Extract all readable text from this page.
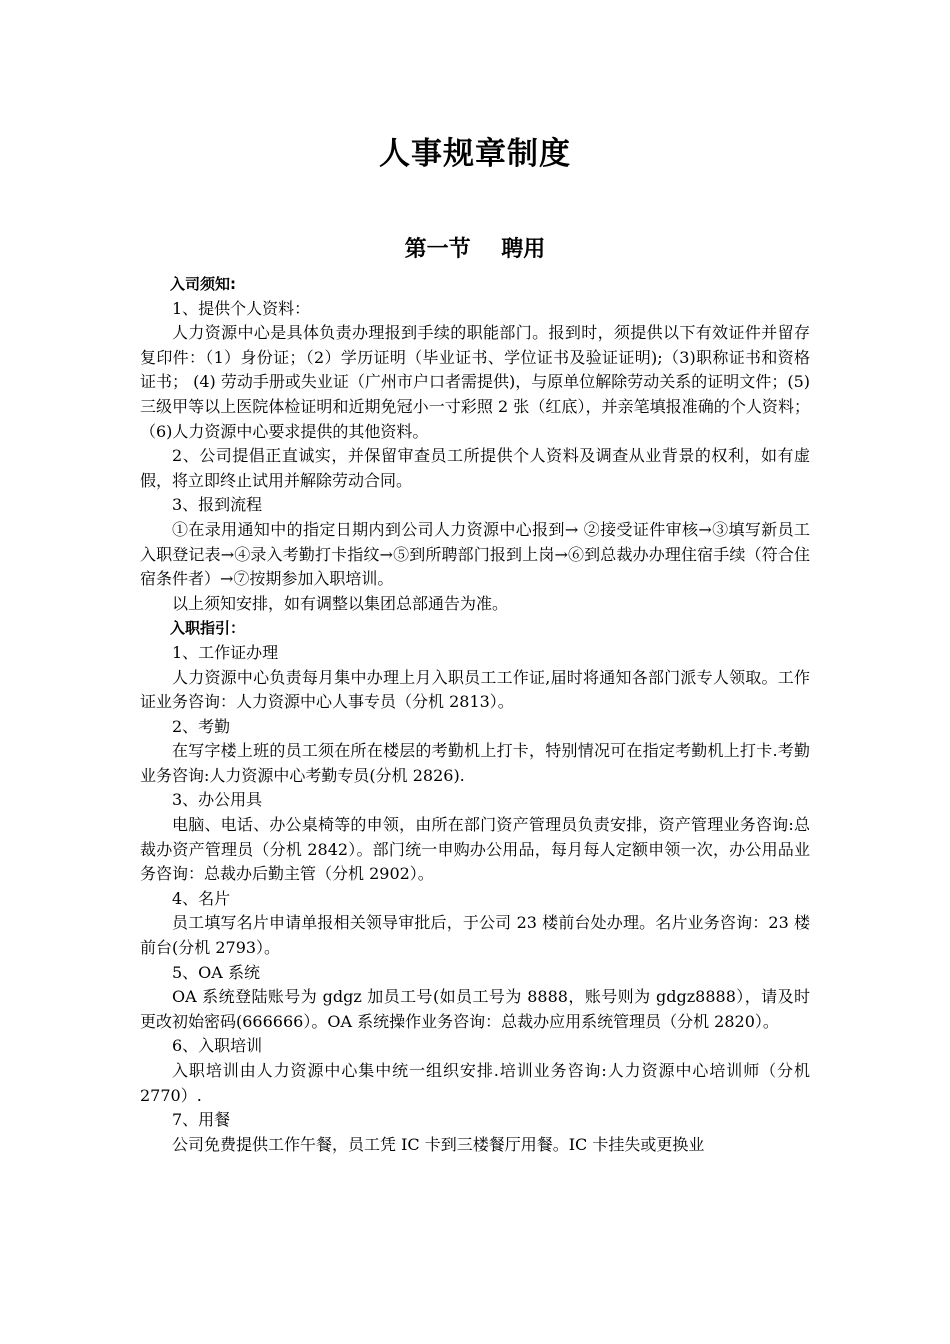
人事规章制度
第一节    聘用

入司须知:

1、提供个人资料：

人力资源中心是具体负责办理报到手续的职能部门。报到时，须提供以下有效证件并留存复印件：（1）身份证；（2）学历证明（毕业证书、学位证书及验证证明);（3)职称证书和资格证书； (4) 劳动手册或失业证（广州市户口者需提供)，与原单位解除劳动关系的证明文件；(5)三级甲等以上医院体检证明和近期免冠小一寸彩照 2 张（红底），并亲笔填报准确的个人资料；（6)人力资源中心要求提供的其他资料。

2、公司提倡正直诚实，并保留审查员工所提供个人资料及调查从业背景的权利，如有虚假，将立即终止试用并解除劳动合同。

3、报到流程

①在录用通知中的指定日期内到公司人力资源中心报到→ ②接受证件审核→③填写新员工入职登记表→④录入考勤打卡指纹→⑤到所聘部门报到上岗→⑥到总裁办办理住宿手续（符合住宿条件者）→⑦按期参加入职培训。

以上须知安排，如有调整以集团总部通告为准。

入职指引：

1、工作证办理

人力资源中心负责每月集中办理上月入职员工工作证,届时将通知各部门派专人领取。工作证业务咨询：人力资源中心人事专员（分机 2813）。

2、考勤

在写字楼上班的员工须在所在楼层的考勤机上打卡，特别情况可在指定考勤机上打卡.考勤业务咨询:人力资源中心考勤专员(分机 2826).

3、办公用具

电脑、电话、办公桌椅等的申领，由所在部门资产管理员负责安排，资产管理业务咨询:总裁办资产管理员（分机 2842）。部门统一申购办公用品，每月每人定额申领一次，办公用品业务咨询：总裁办后勤主管（分机 2902）。

4、名片

员工填写名片申请单报相关领导审批后，于公司 23 楼前台处办理。名片业务咨询：23 楼前台(分机 2793）。

5、OA 系统

OA 系统登陆账号为 gdgz 加员工号(如员工号为 8888，账号则为 gdgz8888），请及时更改初始密码(666666）。OA 系统操作业务咨询：总裁办应用系统管理员（分机 2820）。

6、入职培训

入职培训由人力资源中心集中统一组织安排.培训业务咨询:人力资源中心培训师（分机 2770）.

7、用餐

公司免费提供工作午餐，员工凭 IC 卡到三楼餐厅用餐。IC 卡挂失或更换业
